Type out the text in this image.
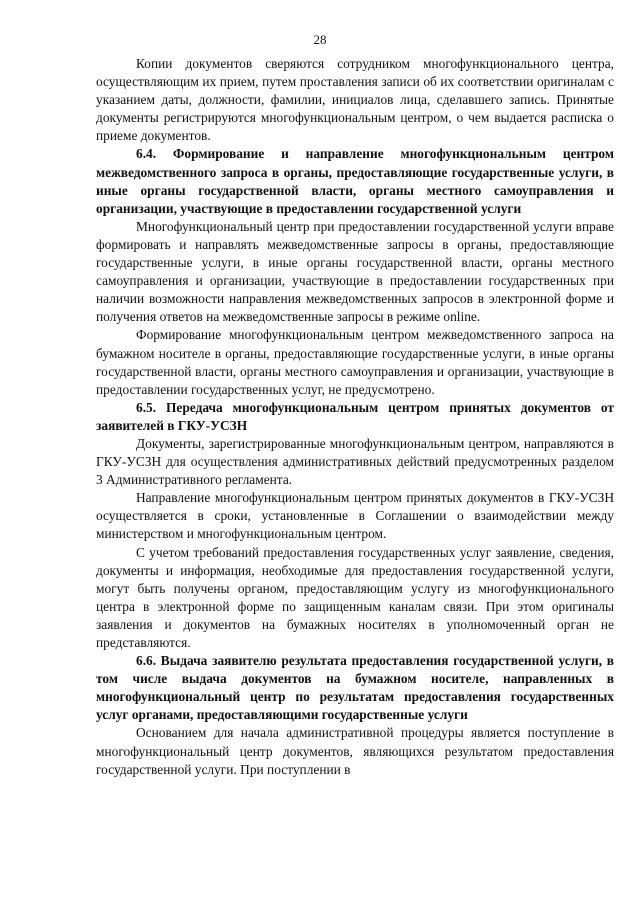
28

Копии документов сверяются сотрудником многофункционального центра, осуществляющим их прием, путем проставления записи об их соответствии оригиналам с указанием даты, должности, фамилии, инициалов лица, сделавшего запись. Принятые документы регистрируются многофункциональным центром, о чем выдается расписка о приеме документов.

6.4. Формирование и направление многофункциональным центром межведомственного запроса в органы, предоставляющие государственные услуги, в иные органы государственной власти, органы местного самоуправления и организации, участвующие в предоставлении государственной услуги

Многофункциональный центр при предоставлении государственной услуги вправе формировать и направлять межведомственные запросы в органы, предоставляющие государственные услуги, в иные органы государственной власти, органы местного самоуправления и организации, участвующие в предоставлении государственных при наличии возможности направления межведомственных запросов в электронной форме и получения ответов на межведомственные запросы в режиме online.

Формирование многофункциональным центром межведомственного запроса на бумажном носителе в органы, предоставляющие государственные услуги, в иные органы государственной власти, органы местного самоуправления и организации, участвующие в предоставлении государственных услуг, не предусмотрено.

6.5. Передача многофункциональным центром принятых документов от заявителей в ГКУ-УСЗН

Документы, зарегистрированные многофункциональным центром, направляются в ГКУ-УСЗН для осуществления административных действий предусмотренных разделом 3 Административного регламента.

Направление многофункциональным центром принятых документов в ГКУ-УСЗН осуществляется в сроки, установленные в Соглашении о взаимодействии между министерством и многофункциональным центром.

С учетом требований предоставления государственных услуг заявление, сведения, документы и информация, необходимые для предоставления государственной услуги, могут быть получены органом, предоставляющим услугу из многофункционального центра в электронной форме по защищенным каналам связи. При этом оригиналы заявления и документов на бумажных носителях в уполномоченный орган не представляются.

6.6. Выдача заявителю результата предоставления государственной услуги, в том числе выдача документов на бумажном носителе, направленных в многофункциональный центр по результатам предоставления государственных услуг органами, предоставляющими государственные услуги

Основанием для начала административной процедуры является поступление в многофункциональный центр документов, являющихся результатом предоставления государственной услуги. При поступлении в
